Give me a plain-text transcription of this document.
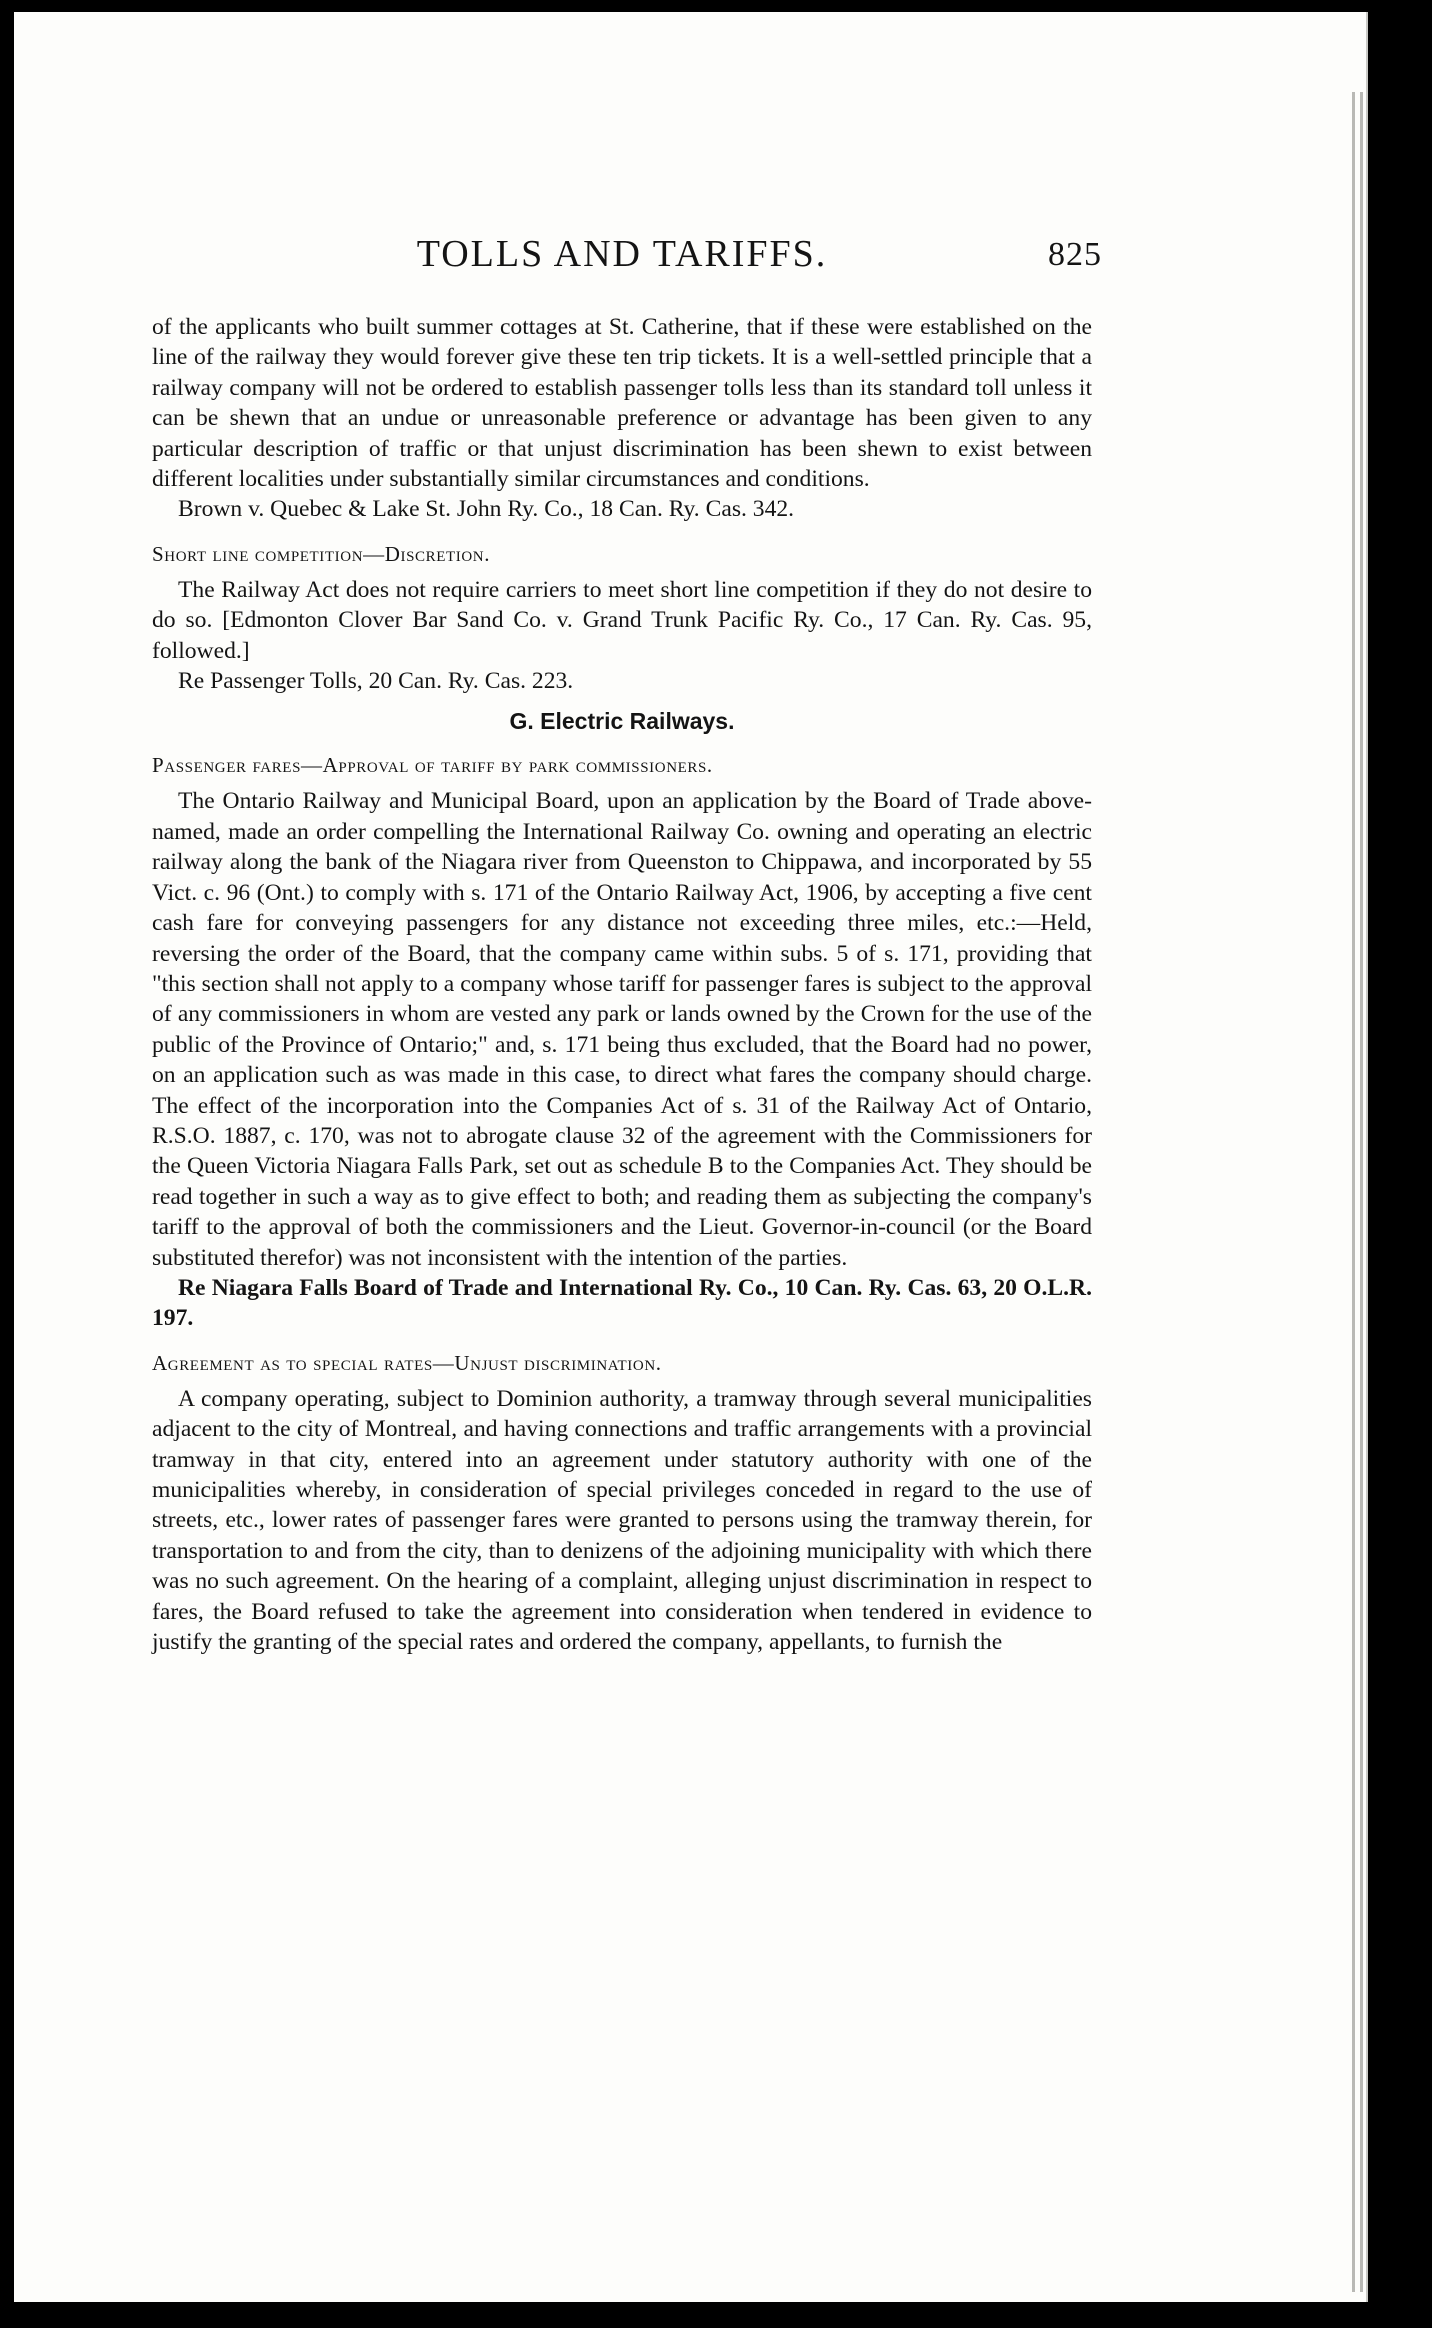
TOLLS AND TARIFFS.	825

of the applicants who built summer cottages at St. Catherine, that if these were established on the line of the railway they would forever give these ten trip tickets. It is a well-settled principle that a railway company will not be ordered to establish passenger tolls less than its standard toll unless it can be shewn that an undue or unreasonable preference or advantage has been given to any particular description of traffic or that unjust discrimination has been shewn to exist between different localities under substantially similar circumstances and conditions.

Brown v. Quebec & Lake St. John Ry. Co., 18 Can. Ry. Cas. 342.

Short line competition—Discretion.

The Railway Act does not require carriers to meet short line competition if they do not desire to do so. [Edmonton Clover Bar Sand Co. v. Grand Trunk Pacific Ry. Co., 17 Can. Ry. Cas. 95, followed.]

Re Passenger Tolls, 20 Can. Ry. Cas. 223.

G. Electric Railways.
Passenger fares—Approval of tariff by park commissioners.

The Ontario Railway and Municipal Board, upon an application by the Board of Trade above-named, made an order compelling the International Railway Co. owning and operating an electric railway along the bank of the Niagara river from Queenston to Chippawa, and incorporated by 55 Vict. c. 96 (Ont.) to comply with s. 171 of the Ontario Railway Act, 1906, by accepting a five cent cash fare for conveying passengers for any distance not exceeding three miles, etc.:—Held, reversing the order of the Board, that the company came within subs. 5 of s. 171, providing that "this section shall not apply to a company whose tariff for passenger fares is subject to the approval of any commissioners in whom are vested any park or lands owned by the Crown for the use of the public of the Province of Ontario;" and, s. 171 being thus excluded, that the Board had no power, on an application such as was made in this case, to direct what fares the company should charge. The effect of the incorporation into the Companies Act of s. 31 of the Railway Act of Ontario, R.S.O. 1887, c. 170, was not to abrogate clause 32 of the agreement with the Commissioners for the Queen Victoria Niagara Falls Park, set out as schedule B to the Companies Act. They should be read together in such a way as to give effect to both; and reading them as subjecting the company's tariff to the approval of both the commissioners and the Lieut. Governor-in-council (or the Board substituted therefor) was not inconsistent with the intention of the parties.

Re Niagara Falls Board of Trade and International Ry. Co., 10 Can. Ry. Cas. 63, 20 O.L.R. 197.

Agreement as to special rates—Unjust discrimination.

A company operating, subject to Dominion authority, a tramway through several municipalities adjacent to the city of Montreal, and having connections and traffic arrangements with a provincial tramway in that city, entered into an agreement under statutory authority with one of the municipalities whereby, in consideration of special privileges conceded in regard to the use of streets, etc., lower rates of passenger fares were granted to persons using the tramway therein, for transportation to and from the city, than to denizens of the adjoining municipality with which there was no such agreement. On the hearing of a complaint, alleging unjust discrimination in respect to fares, the Board refused to take the agreement into consideration when tendered in evidence to justify the granting of the special rates and ordered the company, appellants, to furnish the
